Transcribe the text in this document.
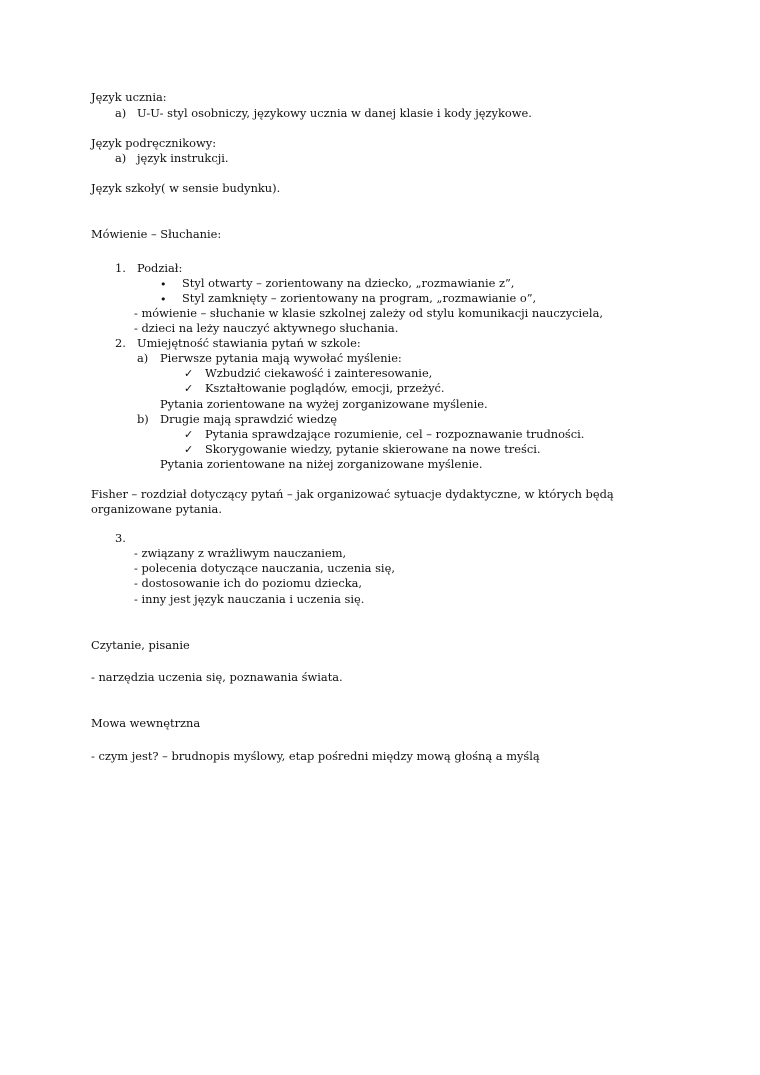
Język ucznia:
a) U-U- styl osobniczy, językowy ucznia w danej klasie i kody językowe.
Język podręcznikowy:
a) język instrukcji.
Język szkoły( w sensie budynku).
Mówienie – Słuchanie:
1. Podział:
• Styl otwarty – zorientowany na dziecko, „rozmawianie z”,
• Styl zamknięty – zorientowany na program, „rozmawianie o”,
- mówienie – słuchanie w klasie szkolnej zależy od stylu komunikacji nauczyciela,
- dzieci na leży nauczyć aktywnego słuchania.
2. Umiejętność stawiania pytań w szkole:
a) Pierwsze pytania mają wywołać myślenie:
✓ Wzbudzić ciekawość i zainteresowanie,
✓ Kształtowanie poglądów, emocji, przeżyć.
Pytania zorientowane na wyżej zorganizowane myślenie.
b) Drugie mają sprawdzić wiedzę
✓ Pytania sprawdzające rozumienie, cel – rozpoznawanie trudności.
✓ Skorygowanie wiedzy, pytanie skierowane na nowe treści.
Pytania zorientowane na niżej zorganizowane myślenie.
Fisher – rozdział dotyczący pytań – jak organizować sytuacje dydaktyczne, w których będą
organizowane pytania.
3.
- związany z wrażliwym nauczaniem,
- polecenia dotyczące nauczania, uczenia się,
- dostosowanie ich do poziomu dziecka,
- inny jest język nauczania i uczenia się.
Czytanie, pisanie
- narzędzia uczenia się, poznawania świata.
Mowa wewnętrzna
- czym jest? – brudnopis myślowy, etap pośredni między mową głośną a myślą
